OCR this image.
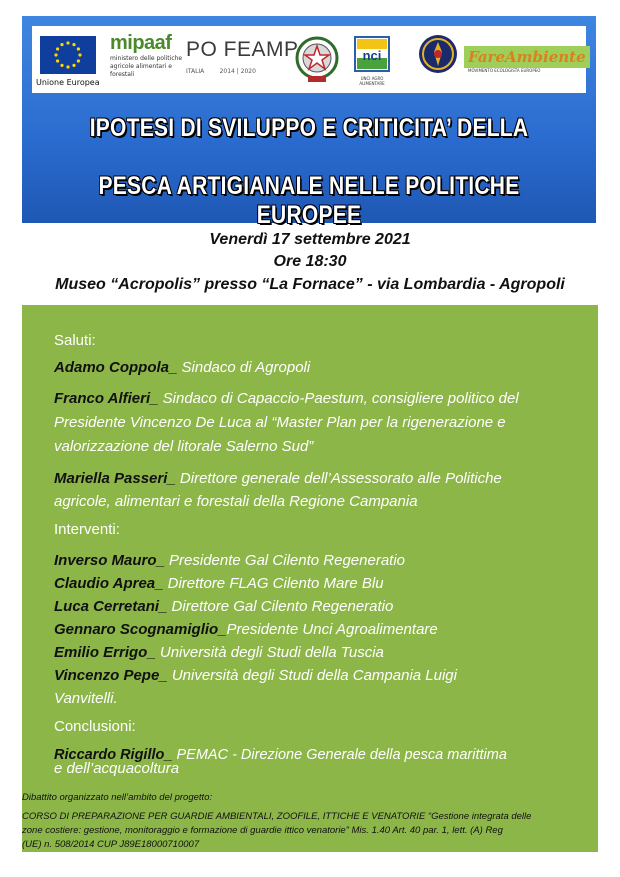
Unione Europea
mipaaf
ministero delle politiche agricole alimentari e forestali
PO FEAMP
ITALIA	2014 | 2020
nci
UNCI AGRO ALIMENTARE
FareAmbiente
MOVIMENTO ECOLOGISTA EUROPEO
IPOTESI DI SVILUPPO E CRITICITA’ DELLA
PESCA ARTIGIANALE NELLE POLITICHE EUROPEE
Venerdì 17 settembre 2021
Ore 18:30
Museo “Acropolis” presso “La Fornace” - via Lombardia - Agropoli
Saluti:
Adamo Coppola_ Sindaco di Agropoli
Franco Alfieri_ Sindaco di Capaccio-Paestum, consigliere politico del
Presidente Vincenzo De Luca al “Master Plan per la rigenerazione e
valorizzazione del litorale Salerno Sud”
Mariella Passeri_ Direttore generale dell’Assessorato alle Politiche
agricole, alimentari e forestali della Regione Campania
Interventi:
Inverso Mauro_ Presidente Gal Cilento Regeneratio
Claudio Aprea_ Direttore FLAG Cilento Mare Blu
Luca Cerretani_ Direttore Gal Cilento Regeneratio
Gennaro Scognamiglio_Presidente Unci Agroalimentare
Emilio Errigo_ Università degli Studi della Tuscia
Vincenzo Pepe_ Università degli Studi della Campania Luigi
Vanvitelli.
Conclusioni:
Riccardo Rigillo_ PEMAC - Direzione Generale della pesca marittima
e dell’acquacoltura
Dibattito organizzato nell’ambito del progetto:
CORSO DI PREPARAZIONE PER GUARDIE AMBIENTALI, ZOOFILE, ITTICHE E VENATORIE “Gestione integrata delle
zone costiere: gestione, monitoraggio e formazione di guardie ittico venatorie” Mis. 1.40 Art. 40 par. 1, lett. (A) Reg
(UE) n. 508/2014 CUP J89E18000710007
